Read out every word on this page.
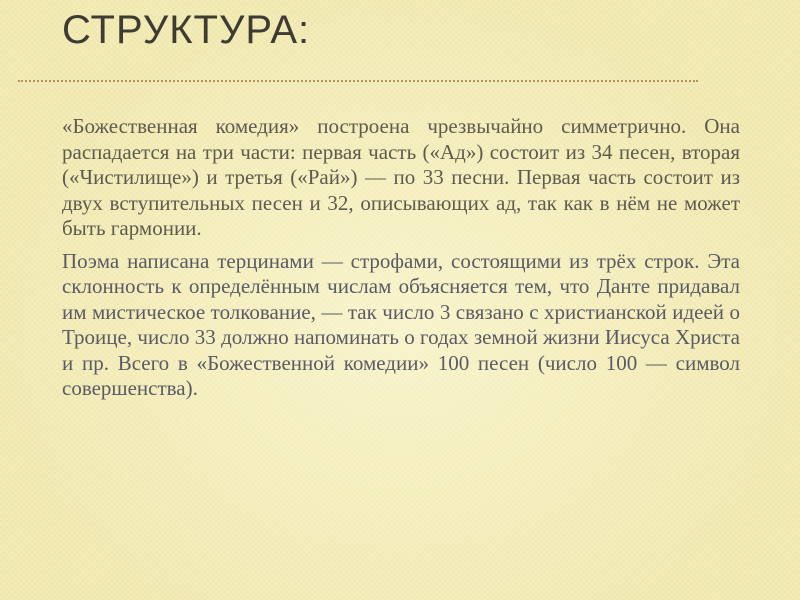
СТРУКТУРА:

«Божественная комедия» построена чрезвычайно симметрично. Она распадается на три части: первая часть («Ад») состоит из 34 песен, вторая («Чистилище») и третья («Рай») — по 33 песни. Первая часть состоит из двух вступительных песен и 32, описывающих ад, так как в нём не может быть гармонии.

Поэма написана терцинами — строфами, состоящими из трёх строк. Эта склонность к определённым числам объясняется тем, что Данте придавал им мистическое толкование, — так число 3 связано с христианской идеей о Троице, число 33 должно напоминать о годах земной жизни Иисуса Христа и пр. Всего в «Божественной комедии» 100 песен (число 100 — символ совершенства).
